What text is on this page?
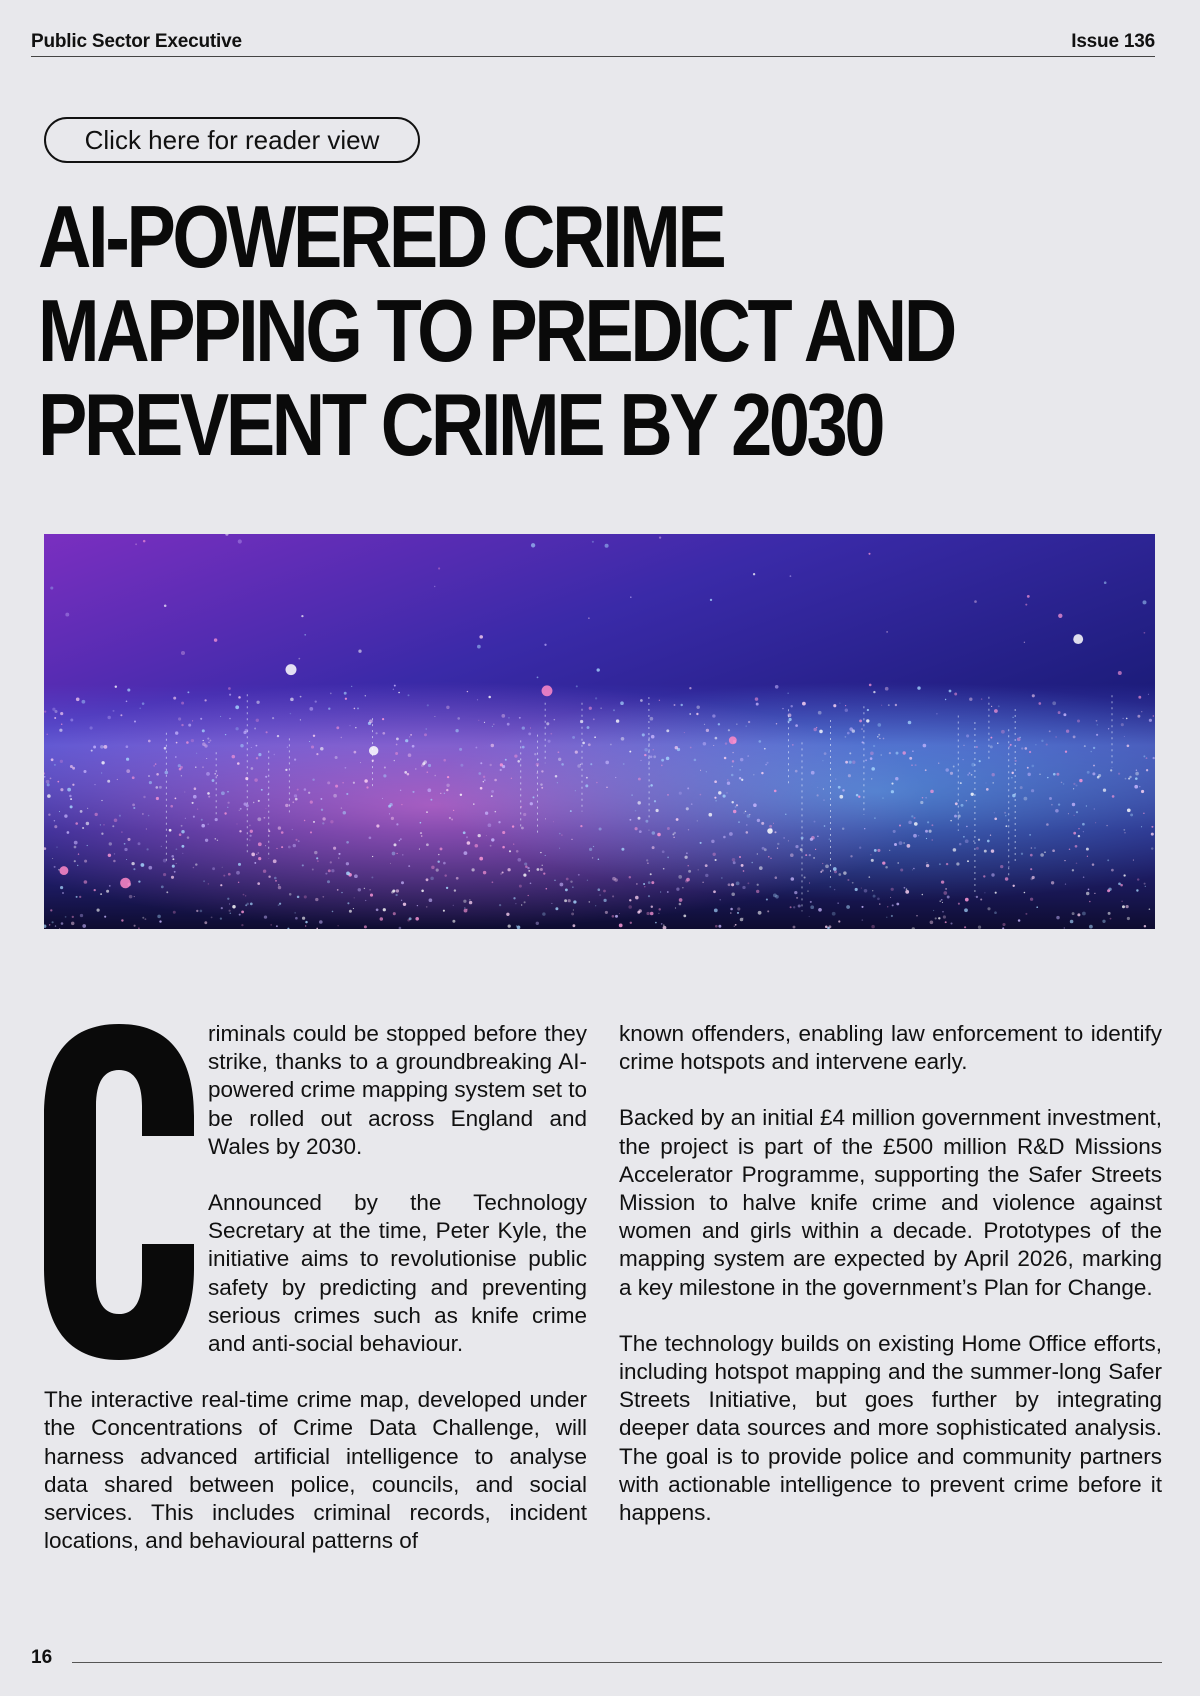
Public Sector Executive	Issue 136
Click here for reader view
AI-POWERED CRIME
MAPPING TO PREDICT AND
PREVENT CRIME BY 2030

riminals could be stopped before they strike, thanks to a groundbreaking AI-powered crime mapping system set to be rolled out across England and Wales by 2030.

Announced by the Technology Secretary at the time, Peter Kyle, the initiative aims to revolutionise public safety by predicting and preventing serious crimes such as knife crime and anti-social behaviour.

The interactive real-time crime map, developed under the Concentrations of Crime Data Challenge, will harness advanced artificial intelligence to analyse data shared between police, councils, and social services. This includes criminal records, incident locations, and behavioural patterns of

known offenders, enabling law enforcement to identify crime hotspots and intervene early.

Backed by an initial £4 million government investment, the project is part of the £500 million R&D Missions Accelerator Programme, supporting the Safer Streets Mission to halve knife crime and violence against women and girls within a decade. Prototypes of the mapping system are expected by April 2026, marking a key milestone in the government’s Plan for Change.

The technology builds on existing Home Office efforts, including hotspot mapping and the summer-long Safer Streets Initiative, but goes further by integrating deeper data sources and more sophisticated analysis. The goal is to provide police and community partners with actionable intelligence to prevent crime before it happens.

16
